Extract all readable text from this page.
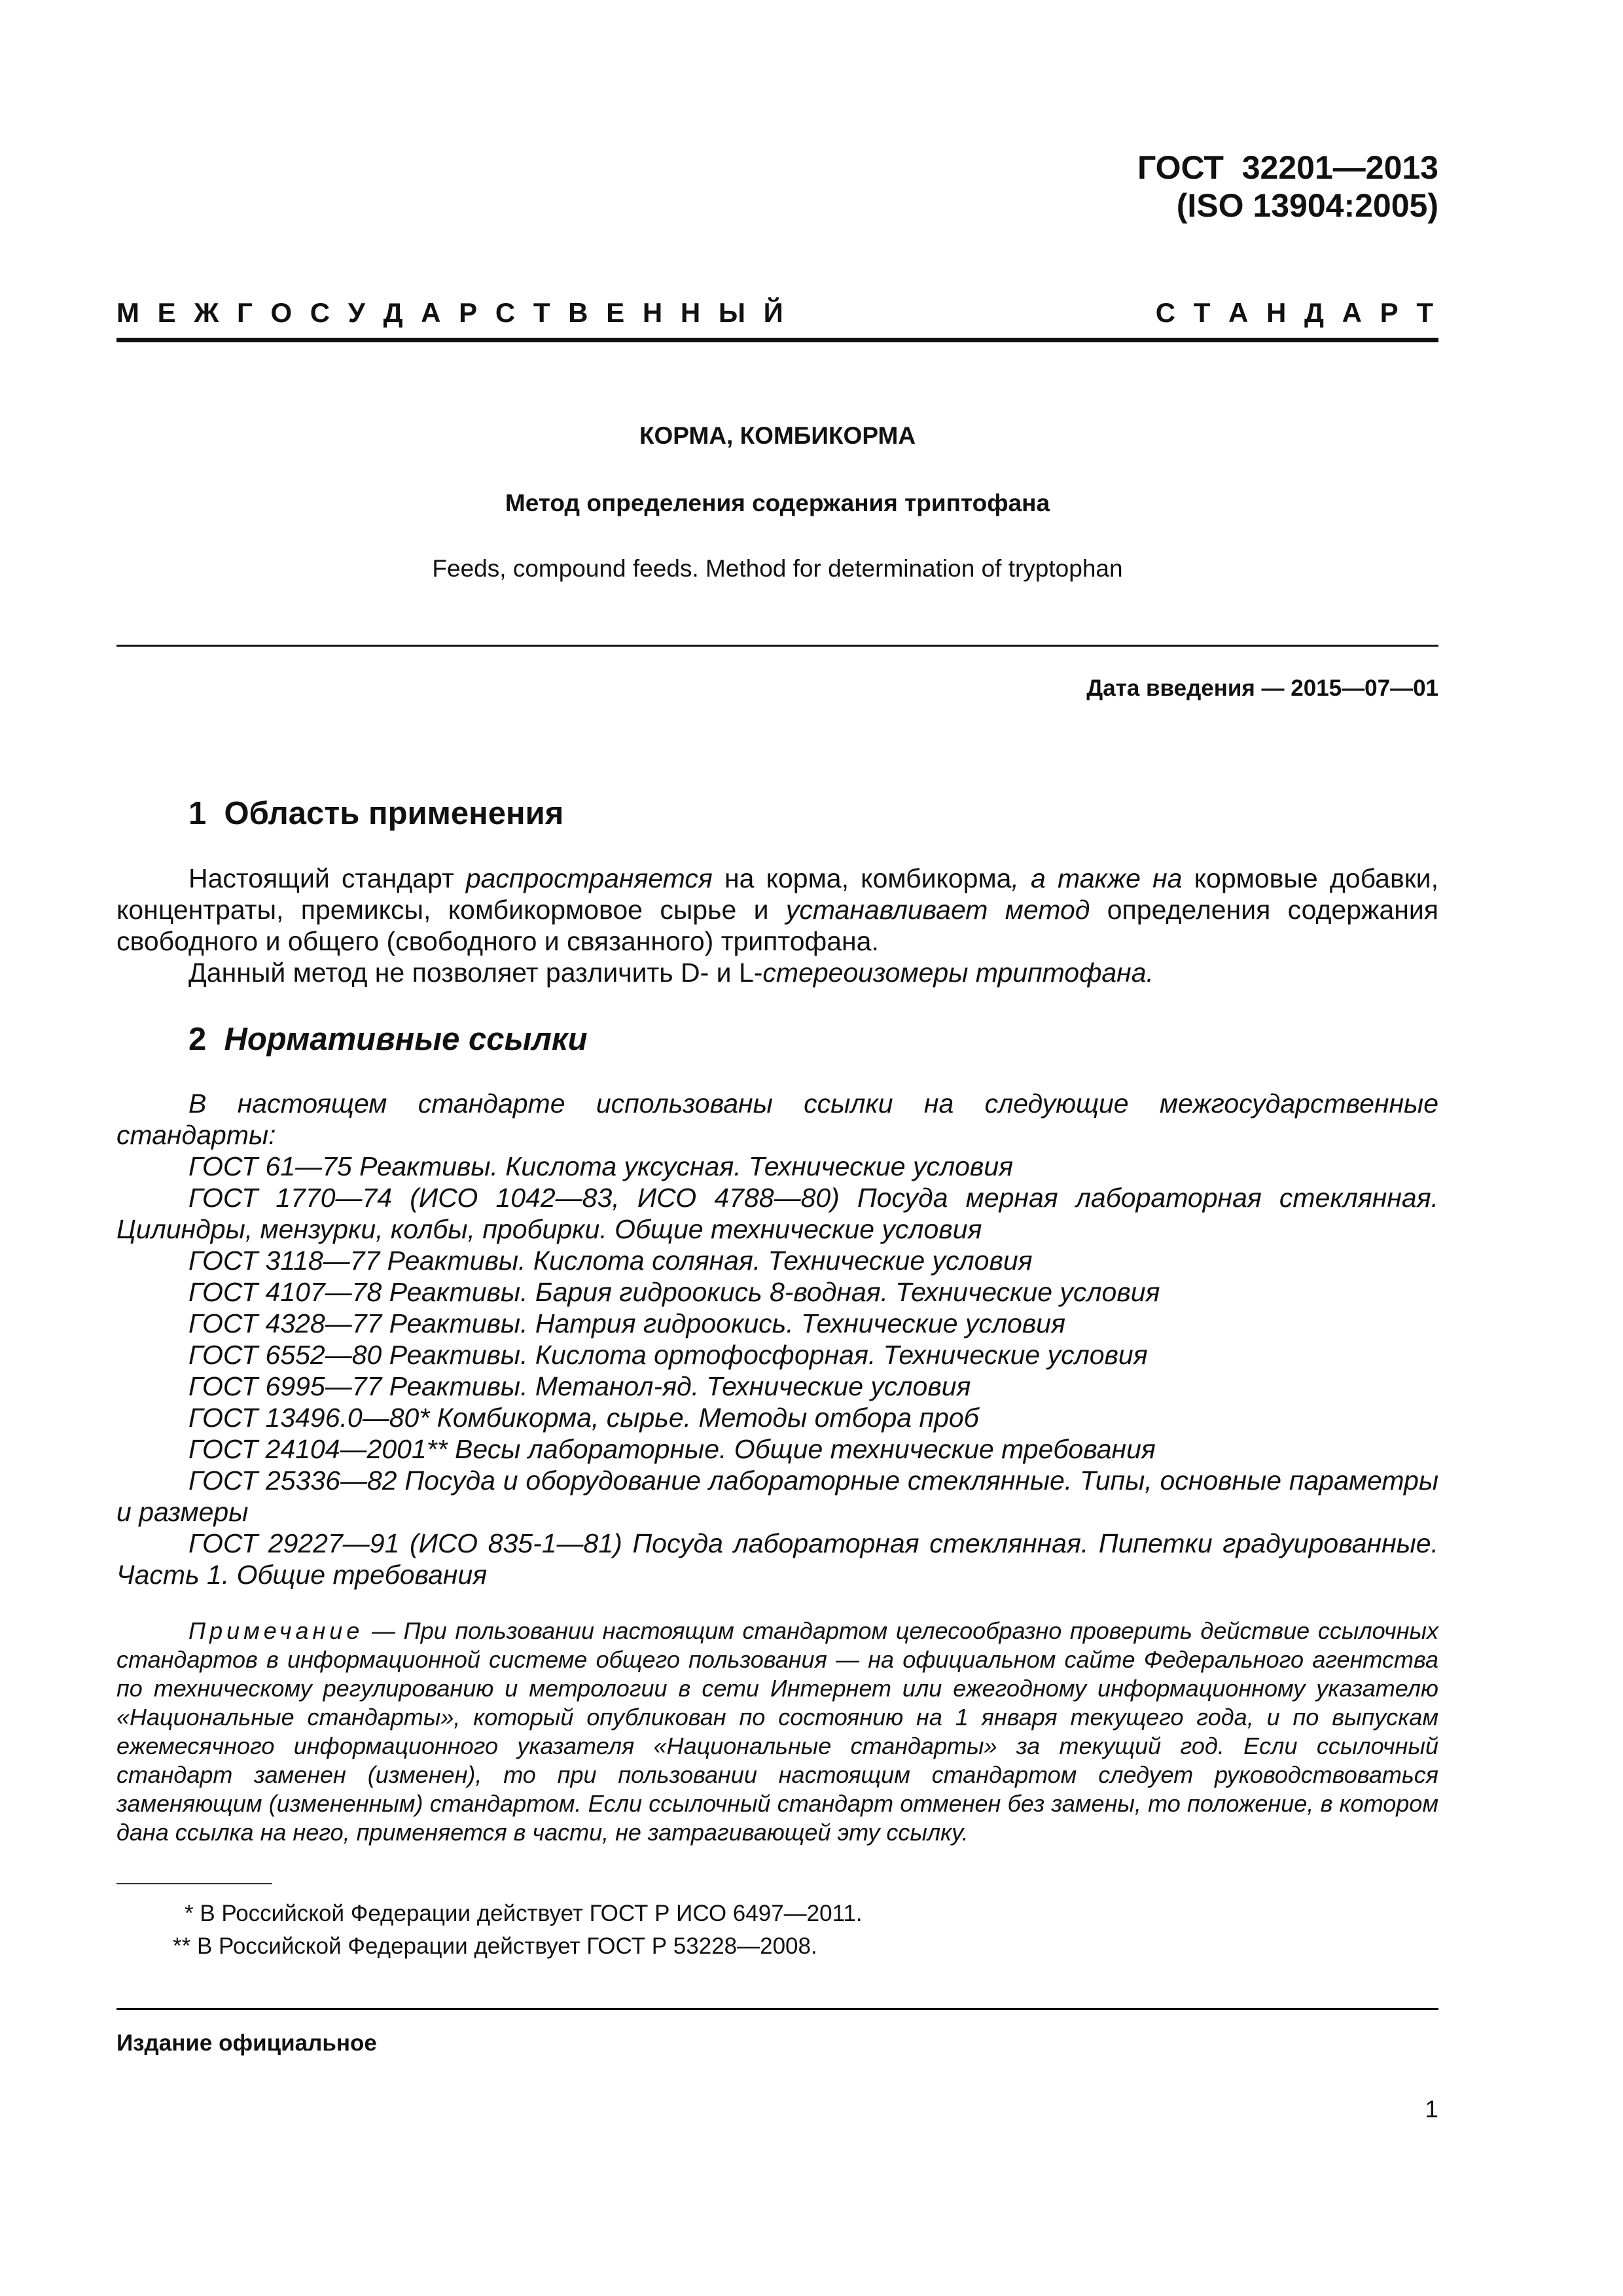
ГОСТ  32201—2013
(ISO 13904:2005)
М Е Ж Г О С У Д А Р С Т В Е Н Н Ы Й	С Т А Н Д А Р Т
КОРМА, КОМБИКОРМА
Метод определения содержания триптофана
Feeds, compound feeds. Method for determination of tryptophan
Дата введения — 2015—07—01
1  Область применения

Настоящий стандарт распространяется на корма, комбикорма, а также на кормовые добавки, концентраты, премиксы, комбикормовое сырье и устанавливает метод определения содержания свободного и общего (свободного и связанного) триптофана.

Данный метод не позволяет различить D- и L-стереоизомеры триптофана.

2  Нормативные ссылки

В настоящем стандарте использованы ссылки на следующие межгосударственные стандарты:

ГОСТ 61—75 Реактивы. Кислота уксусная. Технические условия

ГОСТ 1770—74 (ИСО 1042—83, ИСО 4788—80) Посуда мерная лабораторная стеклянная. Цилиндры, мензурки, колбы, пробирки. Общие технические условия

ГОСТ 3118—77 Реактивы. Кислота соляная. Технические условия
ГОСТ 4107—78 Реактивы. Бария гидроокись 8-водная. Технические условия
ГОСТ 4328—77 Реактивы. Натрия гидроокись. Технические условия
ГОСТ 6552—80 Реактивы. Кислота ортофосфорная. Технические условия
ГОСТ 6995—77 Реактивы. Метанол-яд. Технические условия
ГОСТ 13496.0—80* Комбикорма, сырье. Методы отбора проб
ГОСТ 24104—2001** Весы лабораторные. Общие технические требования

ГОСТ 25336—82 Посуда и оборудование лабораторные стеклянные. Типы, основные параметры и размеры

ГОСТ 29227—91 (ИСО 835-1—81) Посуда лабораторная стеклянная. Пипетки градуированные. Часть 1. Общие требования

Примечание — При пользовании настоящим стандартом целесообразно проверить действие ссылочных стандартов в информационной системе общего пользования — на официальном сайте Федерального агентства по техническому регулированию и метрологии в сети Интернет или ежегодному информационному указателю «Национальные стандарты», который опубликован по состоянию на 1 января текущего года, и по выпускам ежемесячного информационного указателя «Национальные стандарты» за текущий год. Если ссылочный стандарт заменен (изменен), то при пользовании настоящим стандартом следует руководствоваться заменяющим (измененным) стандартом. Если ссылочный стандарт отменен без замены, то положение, в котором дана ссылка на него, применяется в части, не затрагивающей эту ссылку.

* В Российской Федерации действует ГОСТ Р ИСО 6497—2011.
** В Российской Федерации действует ГОСТ Р 53228—2008.
Издание официальное
1
